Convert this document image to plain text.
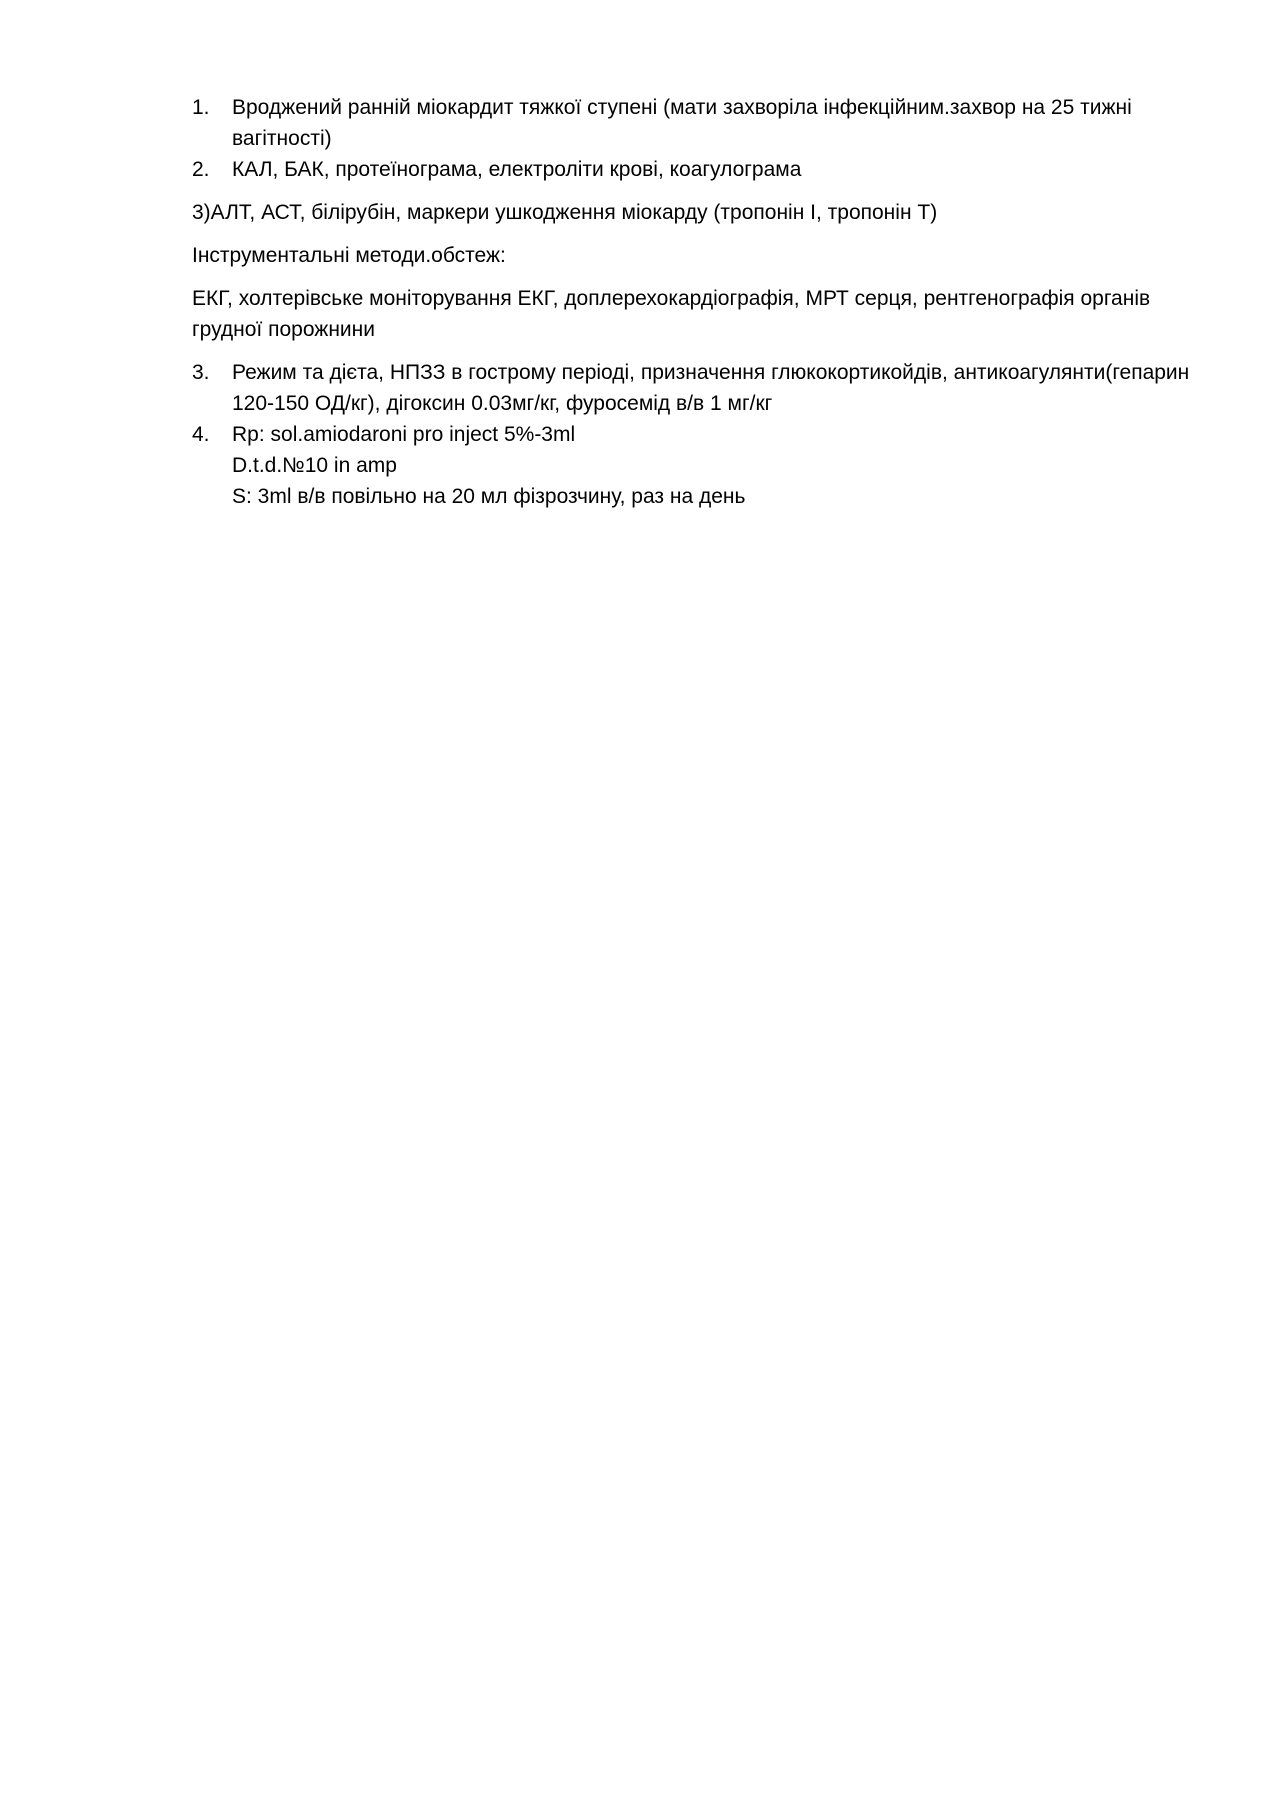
1.	Вроджений ранній міокардит тяжкої ступені (мати захворіла інфекційним.захвор на 25 тижні вагітності)
2.	КАЛ, БАК, протеїнограма, електроліти крові, коагулограма

3)АЛТ, АСТ, білірубін, маркери ушкодження міокарду (тропонін I, тропонін Т)

Інструментальні методи.обстеж:

ЕКГ, холтерівське моніторування ЕКГ, доплерехокардіографія, МРТ серця, рентгенографія органів грудної порожнини

3.	Режим та дієта, НПЗЗ в гострому періоді, призначення глюкокортикойдів, антикоагулянти(гепарин 120-150 ОД/кг), дігоксин 0.03мг/кг, фуросемід в/в 1 мг/кг
4.	Rp: sol.amiodaroni pro inject 5%-3ml
D.t.d.№10 in amp
S: 3ml в/в повільно на 20 мл фізрозчину, раз на день
